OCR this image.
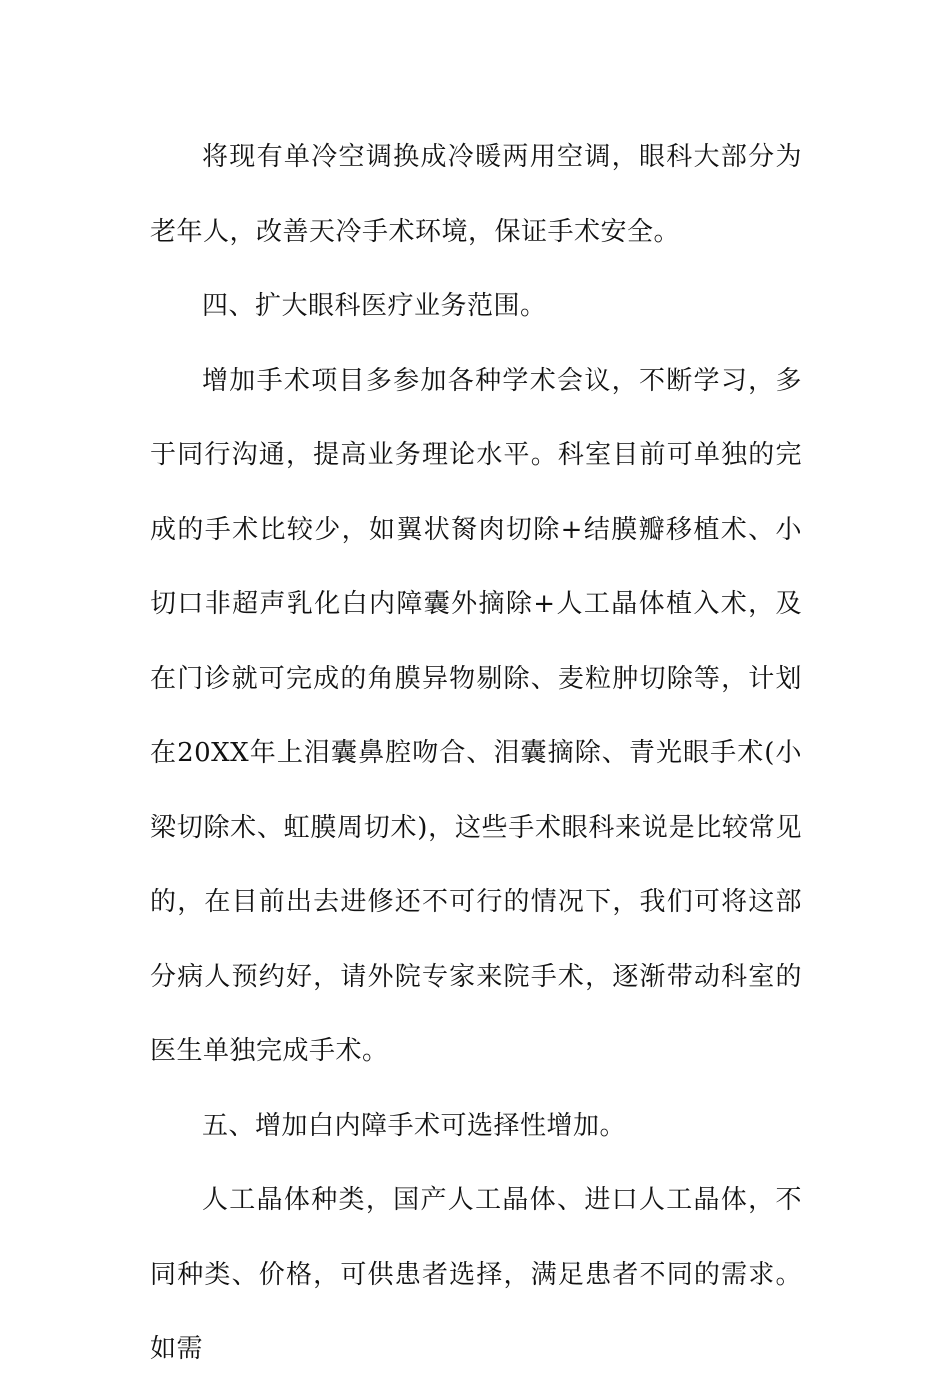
将现有单冷空调换成冷暖两用空调，眼科大部分为老年人，改善天冷手术环境，保证手术安全。

四、扩大眼科医疗业务范围。

增加手术项目多参加各种学术会议，不断学习，多于同行沟通，提高业务理论水平。科室目前可单独的完成的手术比较少，如翼状胬肉切除+结膜瓣移植术、小切口非超声乳化白内障囊外摘除+人工晶体植入术，及在门诊就可完成的角膜异物剔除、麦粒肿切除等，计划在20XX年上泪囊鼻腔吻合、泪囊摘除、青光眼手术(小梁切除术、虹膜周切术)，这些手术眼科来说是比较常见的，在目前出去进修还不可行的情况下，我们可将这部分病人预约好，请外院专家来院手术，逐渐带动科室的医生单独完成手术。

五、增加白内障手术可选择性增加。

人工晶体种类，国产人工晶体、进口人工晶体，不同种类、价格，可供患者选择，满足患者不同的需求。如需
